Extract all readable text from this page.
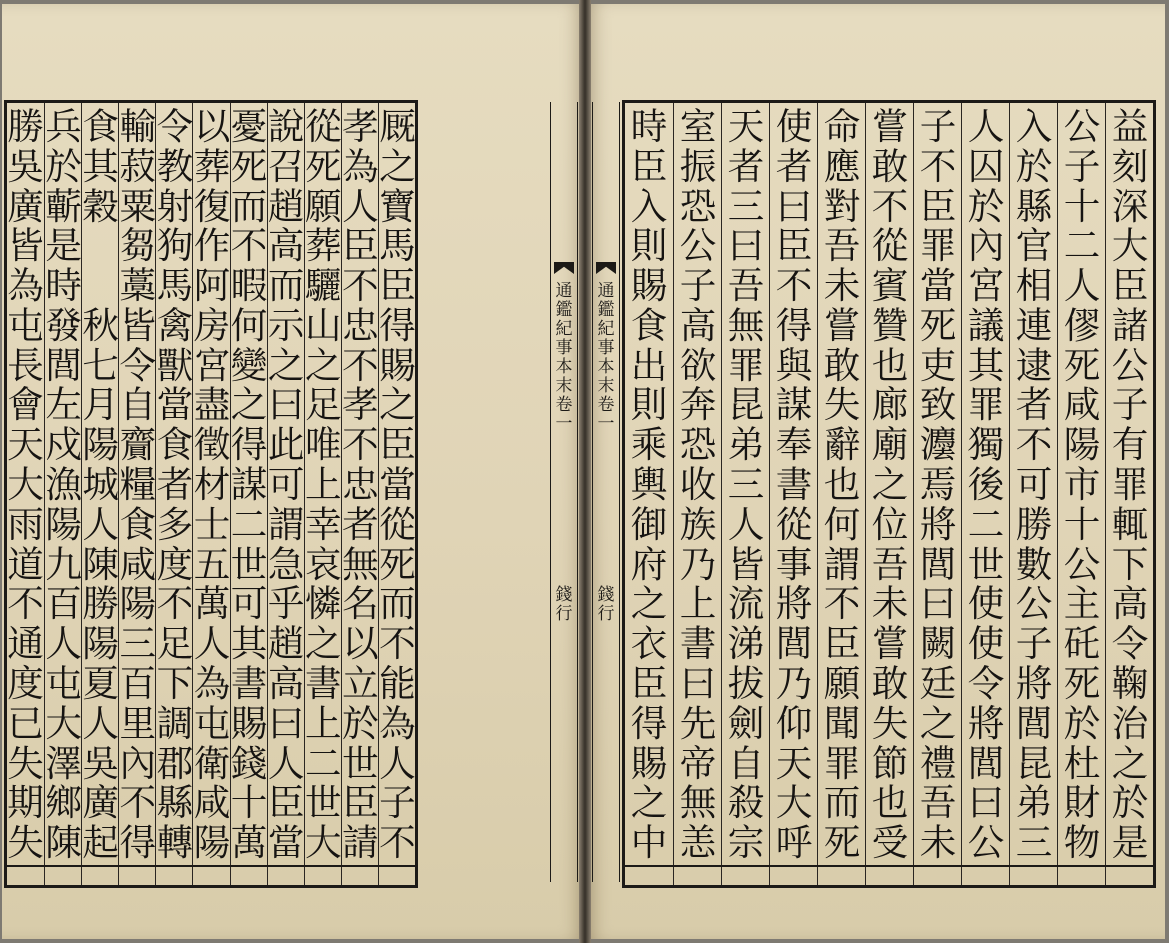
勝
吳
廣
皆
為
屯
長
會
天
大
雨
道
不
通
度
已
失
期
失
兵
於
蘄
是
時
發
閭
左
戍
漁
陽
九
百
人
屯
大
澤
鄉
陳
食
其
穀

秋
七
月
陽
城
人
陳
勝
陽
夏
人
吳
廣
起
輸
菽
粟
芻
藁
皆
令
自
齎
糧
食
咸
陽
三
百
里
內
不
得
令
教
射
狗
馬
禽
獸
當
食
者
多
度
不
足
下
調
郡
縣
轉
以
葬
復
作
阿
房
宮
盡
徵
材
士
五
萬
人
為
屯
衛
咸
陽
憂
死
而
不
暇
何
變
之
得
謀
二
世
可
其
書
賜
錢
十
萬
說
召
趙
高
而
示
之
曰
此
可
謂
急
乎
趙
高
曰
人
臣
當
從
死
願
葬
驪
山
之
足
唯
上
幸
哀
憐
之
書
上
二
世
大
孝
為
人
臣
不
忠
不
孝
不
忠
者
無
名
以
立
於
世
臣
請
厩
之
寶
馬
臣
得
賜
之
臣
當
從
死
而
不
能
為
人
子
不
通
鑑
紀
事
本
末
卷
一

錢
行
通
鑑
紀
事
本
末
卷
一

錢
行
時
臣
入
則
賜
食
出
則
乘
輿
御
府
之
衣
臣
得
賜
之
中
室
振
恐
公
子
高
欲
奔
恐
收
族
乃
上
書
曰
先
帝
無
恙
天
者
三
曰
吾
無
罪
昆
弟
三
人
皆
流
涕
拔
劍
自
殺
宗
使
者
曰
臣
不
得
與
謀
奉
書
從
事
將
閭
乃
仰
天
大
呼
命
應
對
吾
未
嘗
敢
失
辭
也
何
謂
不
臣
願
聞
罪
而
死
嘗
敢
不
從
賓
贊
也
廊
廟
之
位
吾
未
嘗
敢
失
節
也
受
子
不
臣
罪
當
死
吏
致
灋
焉
將
閭
曰
闕
廷
之
禮
吾
未
人
囚
於
內
宮
議
其
罪
獨
後
二
世
使
使
令
將
閭
曰
公
入
於
縣
官
相
連
逮
者
不
可
勝
數
公
子
將
閭
昆
弟
三
公
子
十
二
人
僇
死
咸
陽
市
十
公
主
矺
死
於
杜
財
物
益
刻
深
大
臣
諸
公
子
有
罪
輒
下
高
令
鞠
治
之
於
是
